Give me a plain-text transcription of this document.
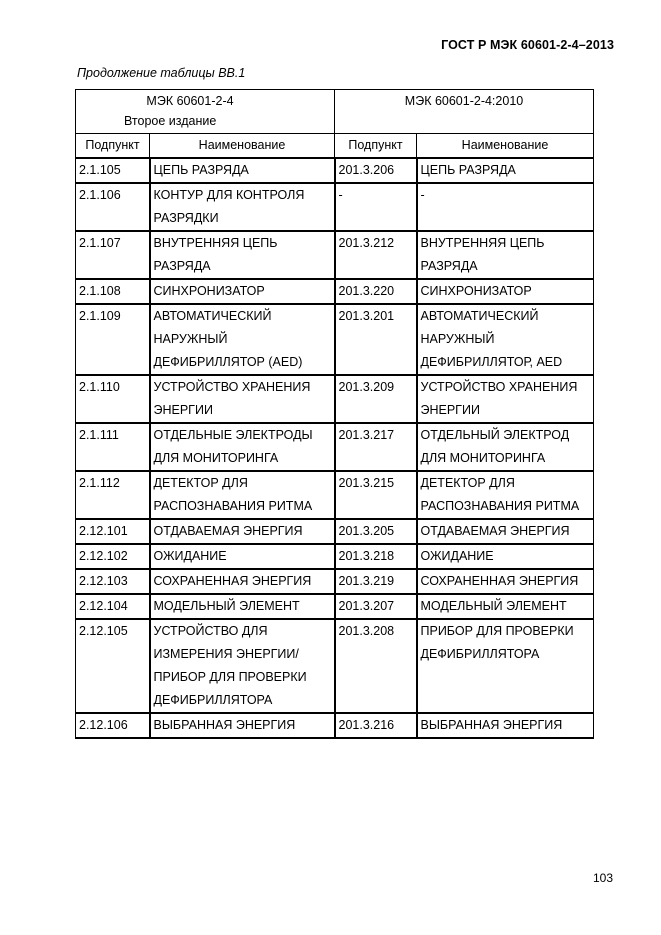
ГОСТ Р МЭК 60601-2-4–2013
Продолжение таблицы ВВ.1
МЭК 60601-2-4
Второе издание		МЭК 60601-2-4:2010	

Подпункт	Наименование	Подпункт	Наименование
2.1.105	ЦЕПЬ РАЗРЯДА	201.3.206	ЦЕПЬ РАЗРЯДА
2.1.106	КОНТУР ДЛЯ КОНТРОЛЯ РАЗРЯДКИ	-	-
2.1.107	ВНУТРЕННЯЯ ЦЕПЬ РАЗРЯДА	201.3.212	ВНУТРЕННЯЯ ЦЕПЬ РАЗРЯДА
2.1.108	СИНХРОНИЗАТОР	201.3.220	СИНХРОНИЗАТОР
2.1.109	АВТОМАТИЧЕСКИЙ НАРУЖНЫЙ ДЕФИБРИЛЛЯТОР (AED)	201.3.201	АВТОМАТИЧЕСКИЙ НАРУЖНЫЙ ДЕФИБРИЛЛЯТОР, AED
2.1.110	УСТРОЙСТВО ХРАНЕНИЯ ЭНЕРГИИ	201.3.209	УСТРОЙСТВО ХРАНЕНИЯ ЭНЕРГИИ
2.1.111	ОТДЕЛЬНЫЕ ЭЛЕКТРОДЫ ДЛЯ МОНИТОРИНГА	201.3.217	ОТДЕЛЬНЫЙ ЭЛЕКТРОД ДЛЯ МОНИТОРИНГА
2.1.112	ДЕТЕКТОР ДЛЯ РАСПОЗНАВАНИЯ РИТМА	201.3.215	ДЕТЕКТОР ДЛЯ РАСПОЗНАВАНИЯ РИТМА
2.12.101	ОТДАВАЕМАЯ ЭНЕРГИЯ	201.3.205	ОТДАВАЕМАЯ ЭНЕРГИЯ
2.12.102	ОЖИДАНИЕ	201.3.218	ОЖИДАНИЕ
2.12.103	СОХРАНЕННАЯ ЭНЕРГИЯ	201.3.219	СОХРАНЕННАЯ ЭНЕРГИЯ
2.12.104	МОДЕЛЬНЫЙ ЭЛЕМЕНТ	201.3.207	МОДЕЛЬНЫЙ ЭЛЕМЕНТ
2.12.105	УСТРОЙСТВО ДЛЯ ИЗМЕРЕНИЯ ЭНЕРГИИ/ПРИБОР ДЛЯ ПРОВЕРКИ ДЕФИБРИЛЛЯТОРА	201.3.208	ПРИБОР ДЛЯ ПРОВЕРКИ ДЕФИБРИЛЛЯТОРА
2.12.106	ВЫБРАННАЯ ЭНЕРГИЯ	201.3.216	ВЫБРАННАЯ ЭНЕРГИЯ
103
